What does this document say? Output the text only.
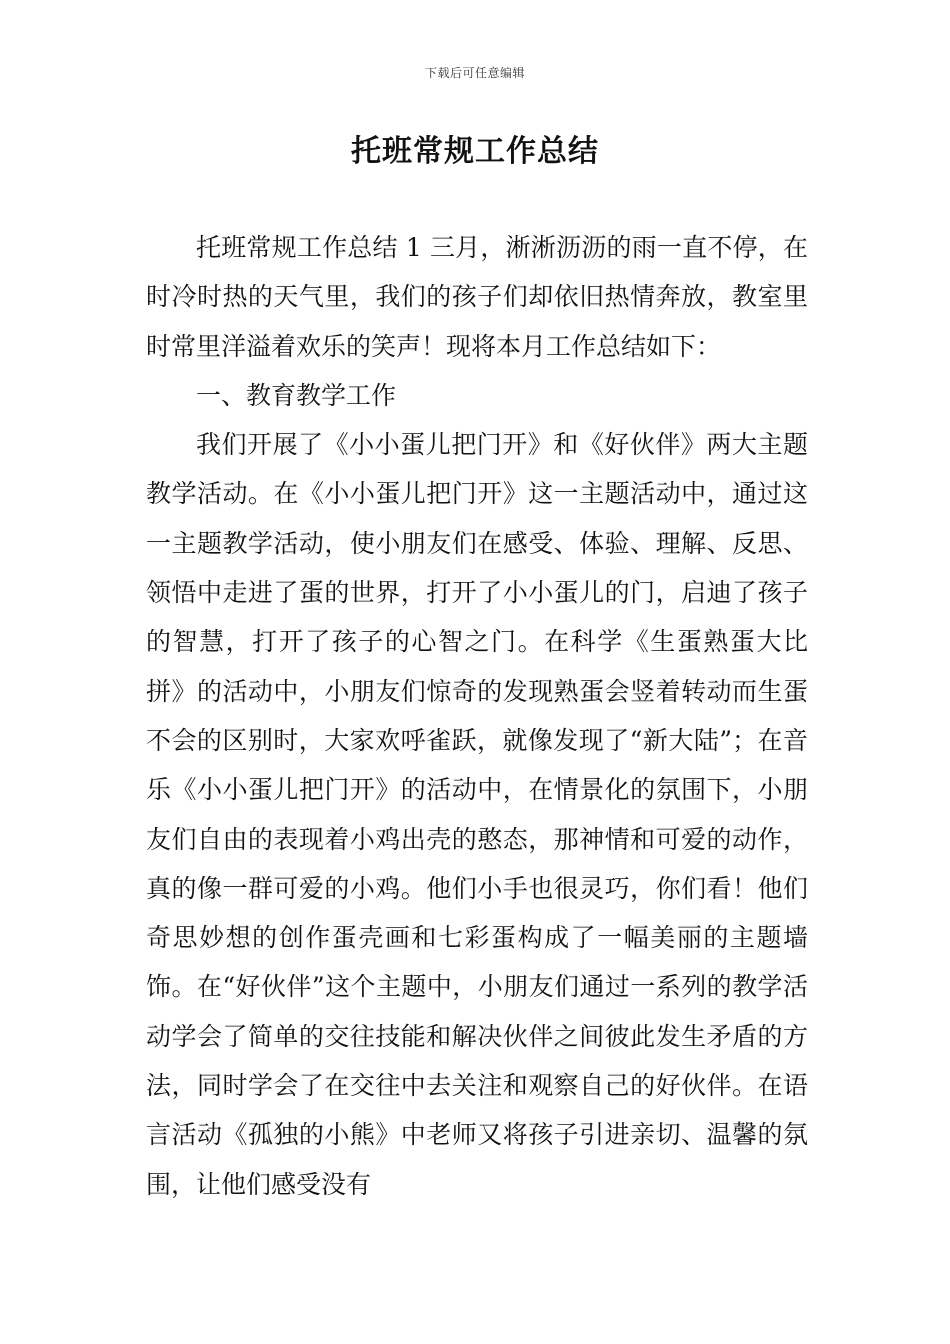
下载后可任意编辑
托班常规工作总结

托班常规工作总结 1 三月，淅淅沥沥的雨一直不停，在时冷时热的天气里，我们的孩子们却依旧热情奔放，教室里时常里洋溢着欢乐的笑声！现将本月工作总结如下：

一、教育教学工作

我们开展了《小小蛋儿把门开》和《好伙伴》两大主题教学活动。在《小小蛋儿把门开》这一主题活动中，通过这一主题教学活动，使小朋友们在感受、体验、理解、反思、领悟中走进了蛋的世界，打开了小小蛋儿的门，启迪了孩子的智慧，打开了孩子的心智之门。在科学《生蛋熟蛋大比拼》的活动中，小朋友们惊奇的发现熟蛋会竖着转动而生蛋不会的区别时，大家欢呼雀跃，就像发现了“新大陆”；在音乐《小小蛋儿把门开》的活动中，在情景化的氛围下，小朋友们自由的表现着小鸡出壳的憨态，那神情和可爱的动作，真的像一群可爱的小鸡。他们小手也很灵巧，你们看！他们奇思妙想的创作蛋壳画和七彩蛋构成了一幅美丽的主题墙饰。在“好伙伴”这个主题中，小朋友们通过一系列的教学活动学会了简单的交往技能和解决伙伴之间彼此发生矛盾的方法，同时学会了在交往中去关注和观察自己的好伙伴。在语言活动《孤独的小熊》中老师又将孩子引进亲切、温馨的氛围，让他们感受没有
